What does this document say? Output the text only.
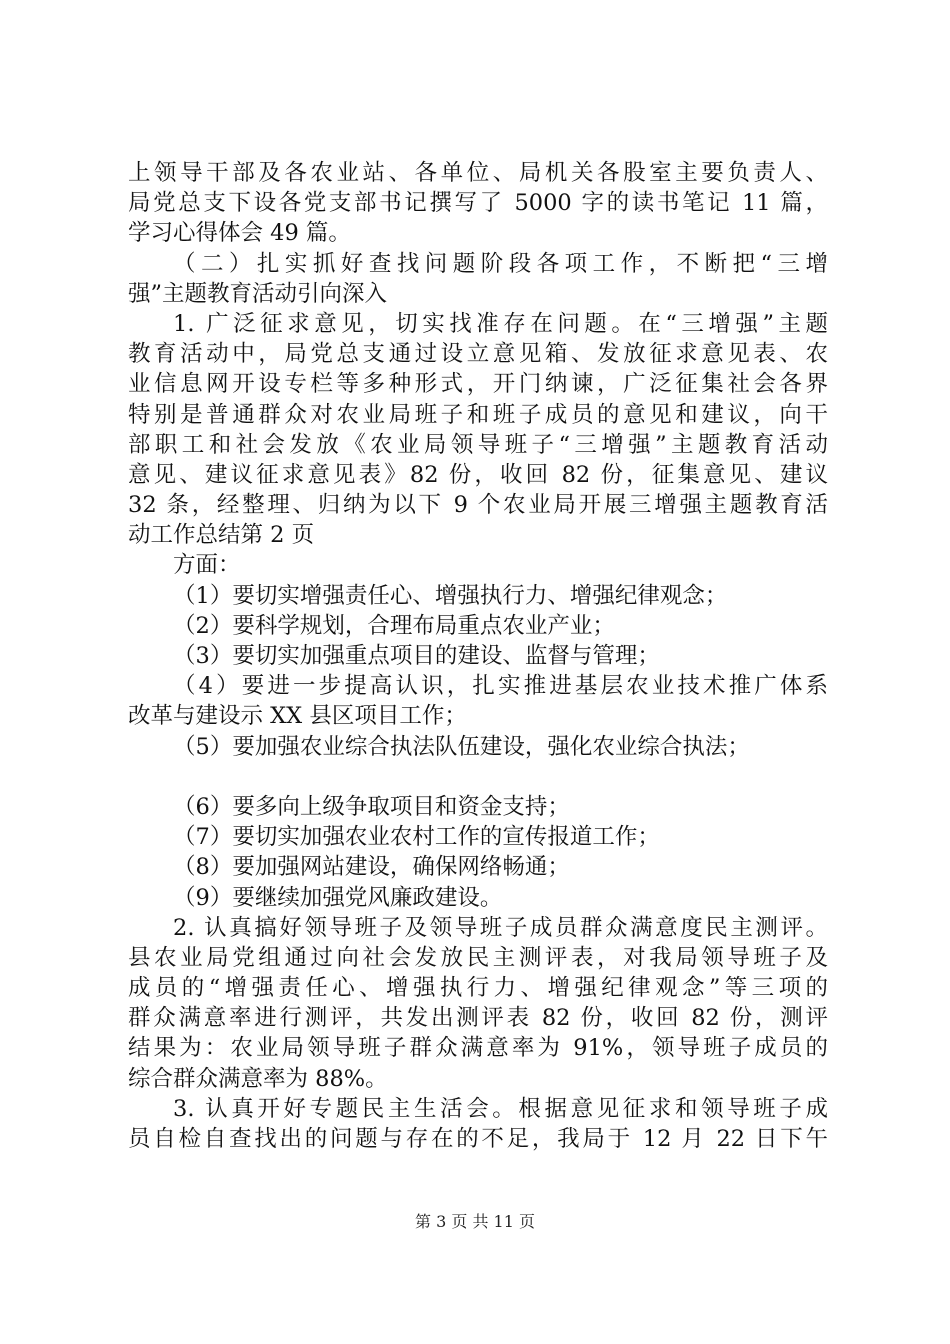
上领导干部及各农业站、各单位、局机关各股室主要负责人、
局党总支下设各党支部书记撰写了 5000 字的读书笔记 11 篇，
学习心得体会 49 篇。
（二）扎实抓好查找问题阶段各项工作，不断把“三增
强”主题教育活动引向深入
1. 广泛征求意见，切实找准存在问题。在“三增强”主题
教育活动中，局党总支通过设立意见箱、发放征求意见表、农
业信息网开设专栏等多种形式，开门纳谏，广泛征集社会各界
特别是普通群众对农业局班子和班子成员的意见和建议，向干
部职工和社会发放《农业局领导班子“三增强”主题教育活动
意见、建议征求意见表》82 份，收回 82 份，征集意见、建议
32 条，经整理、归纳为以下 9 个农业局开展三增强主题教育活
动工作总结第 2 页
方面：
（1）要切实增强责任心、增强执行力、增强纪律观念；
（2）要科学规划，合理布局重点农业产业；
（3）要切实加强重点项目的建设、监督与管理；
（4）要进一步提高认识，扎实推进基层农业技术推广体系
改革与建设示 XX 县区项目工作；
（5）要加强农业综合执法队伍建设，强化农业综合执法；
（6）要多向上级争取项目和资金支持；
（7）要切实加强农业农村工作的宣传报道工作；
（8）要加强网站建设，确保网络畅通；
（9）要继续加强党风廉政建设。
2. 认真搞好领导班子及领导班子成员群众满意度民主测评。
县农业局党组通过向社会发放民主测评表，对我局领导班子及
成员的“增强责任心、增强执行力、增强纪律观念”等三项的
群众满意率进行测评，共发出测评表 82 份，收回 82 份，测评
结果为：农业局领导班子群众满意率为 91%，领导班子成员的
综合群众满意率为 88%。
3. 认真开好专题民主生活会。根据意见征求和领导班子成
员自检自查找出的问题与存在的不足，我局于 12 月 22 日下午
第 3 页 共 11 页
